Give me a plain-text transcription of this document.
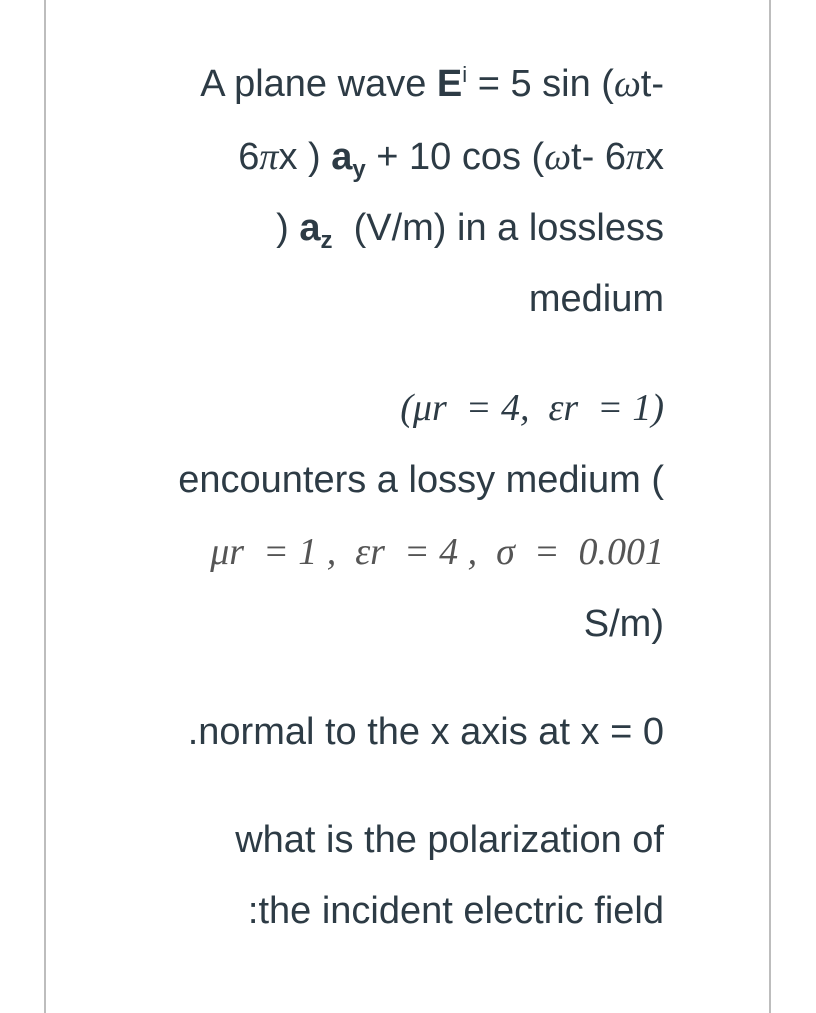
A plane wave $E^i = 5$ sin (ωt-
6πx ) $a_y + 10$ cos (ωt- 6πx
) $a_z$  (V/m) in a lossless
medium
(μr  = 4,  εr  = 1)
encounters a lossy medium (
μr  = 1 ,  εr  = 4 ,  σ  =  0.001
S/m)
.normal to the x axis at x = 0
what is the polarization of
:the incident electric field
